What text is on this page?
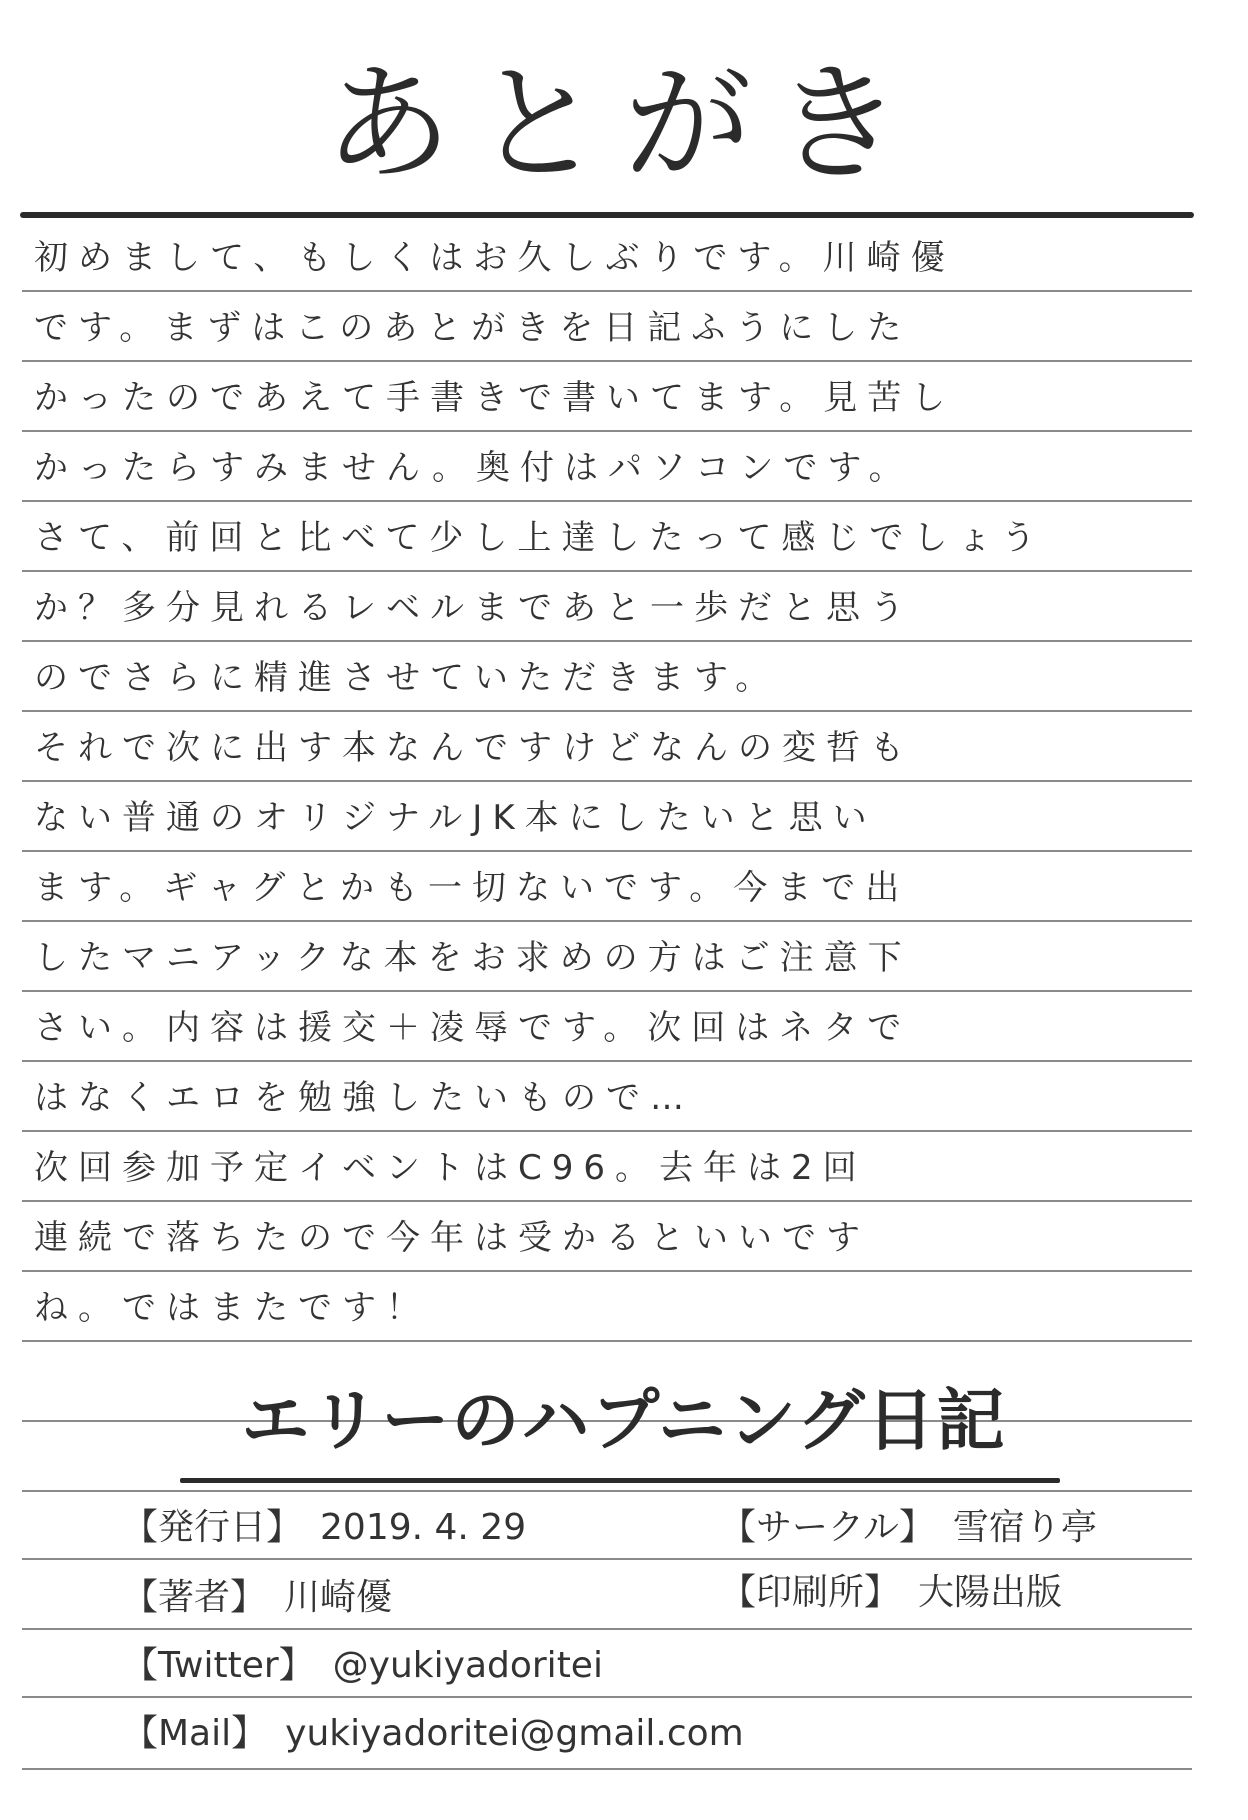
あとがき
初めまして、もしくはお久しぶりです。川崎優
です。まずはこのあとがきを日記ふうにした
かったのであえて手書きで書いてます。見苦し
かったらすみません。奥付はパソコンです。
さて、前回と比べて少し上達したって感じでしょう
か？多分見れるレベルまであと一歩だと思う
のでさらに精進させていただきます。
それで次に出す本なんですけどなんの変哲も
ない普通のオリジナルJK本にしたいと思い
ます。ギャグとかも一切ないです。今まで出
したマニアックな本をお求めの方はご注意下
さい。内容は援交＋凌辱です。次回はネタで
はなくエロを勉強したいもので…
次回参加予定イベントはC96。去年は2回
連続で落ちたので今年は受かるといいです
ね。ではまたです！
エリーのハプニング日記
【発行日】 2019. 4. 29	【サークル】 雪宿り亭
【著者】 川崎優	【印刷所】 大陽出版
【Twitter】 @yukiyadoritei
【Mail】 yukiyadoritei@gmail.com
